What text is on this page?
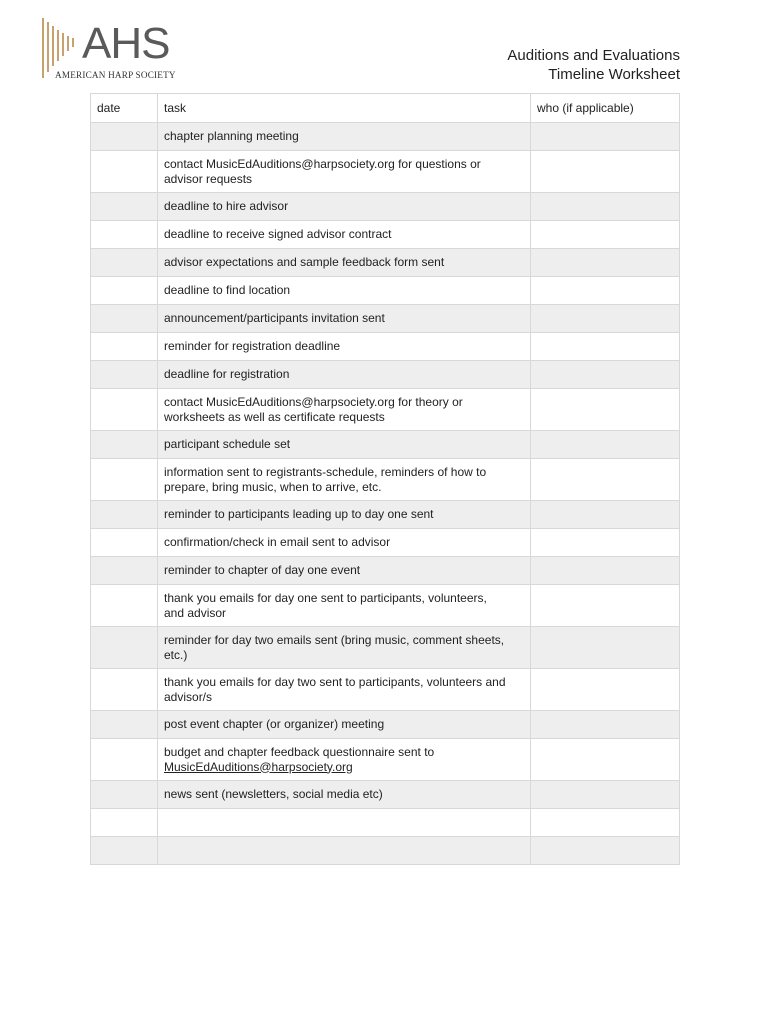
AHS
AMERICAN HARP SOCIETY
Auditions and Evaluations
Timeline Worksheet
date	task	who (if applicable)

	chapter planning meeting	

	contact MusicEdAuditions@harpsociety.org for questions or
advisor requests	

	deadline to hire advisor	

	deadline to receive signed advisor contract	

	advisor expectations and sample feedback form sent	

	deadline to find location	

	announcement/participants invitation sent	

	reminder for registration deadline	

	deadline for registration	

	contact MusicEdAuditions@harpsociety.org for theory or
worksheets as well as certificate requests	

	participant schedule set	

	information sent to registrants-schedule, reminders of how to
prepare, bring music, when to arrive, etc.	

	reminder to participants leading up to day one sent	

	confirmation/check in email sent to advisor	

	reminder to chapter of day one event	

	thank you emails for day one sent to participants, volunteers,
and advisor	

	reminder for day two emails sent (bring music, comment sheets,
etc.)	

	thank you emails for day two sent to participants, volunteers and
advisor/s	

	post event chapter (or organizer) meeting	

	budget and chapter feedback questionnaire sent to
MusicEdAuditions@harpsociety.org	

	news sent (newsletters, social media etc)	
